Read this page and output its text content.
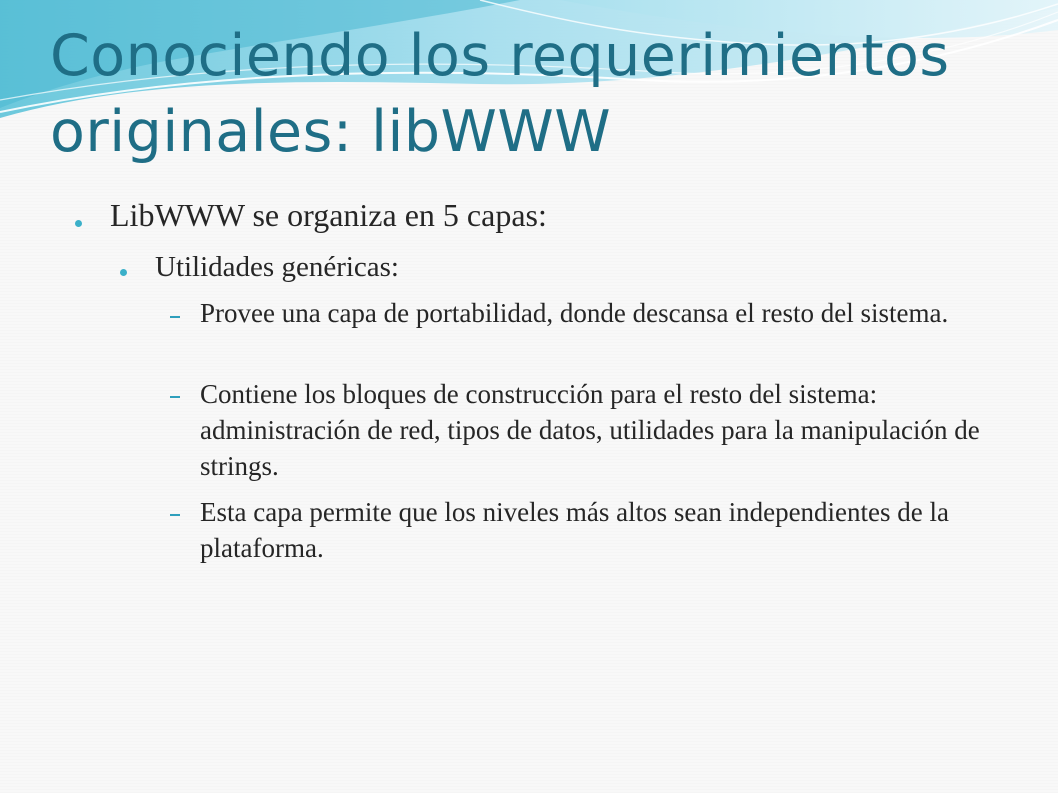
Conociendo los requerimientos originales: libWWW
LibWWW se organiza en 5 capas:
Utilidades genéricas:
Provee una capa de portabilidad, donde descansa el resto del sistema.
Contiene los bloques de construcción para el resto del sistema: administración de red, tipos de datos, utilidades para la manipulación de strings.
Esta capa permite que los niveles más altos sean independientes de la plataforma.
